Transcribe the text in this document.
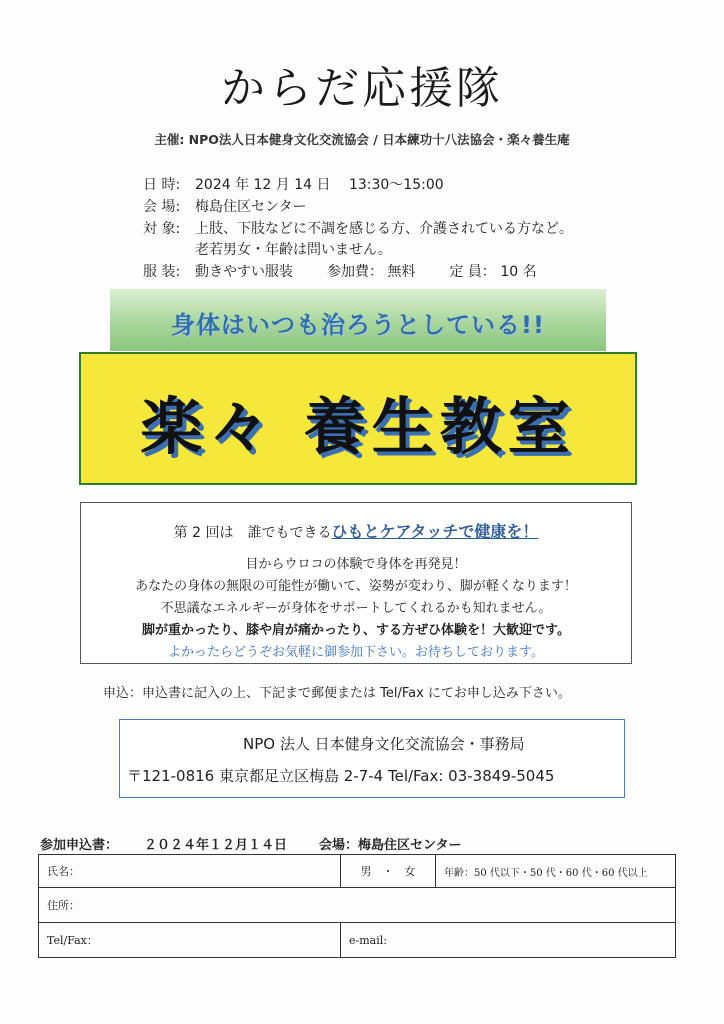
からだ応援隊
主催: NPO法人日本健身文化交流協会 / 日本練功十八法協会・楽々養生庵
日 時: 2024 年 12 月 14 日　 13:30～15:00
会 場: 梅島住区センター
対 象: 上肢、下肢などに不調を感じる方、介護されている方など。
老若男女・年齢は問いません。
服 装: 動きやすい服装 参加費： 無料 定 員： 10 名
身体はいつも治ろうとしている!!
楽々 養生教室
第 2 回は　誰でもできるひもとケアタッチで健康を！
目からウロコの体験で身体を再発見！
あなたの身体の無限の可能性が働いて、姿勢が変わり、脚が軽くなります！
不思議なエネルギーが身体をサポートしてくれるかも知れません。
脚が重かったり、膝や肩が痛かったり、する方ぜひ体験を！大歓迎です。
よかったらどうぞお気軽に御参加下さい。お待ちしております。
申込：申込書に記入の上、下記まで郵便または Tel/Fax にてお申し込み下さい。
NPO 法人 日本健身文化交流協会・事務局
〒121-0816 東京都足立区梅島 2-7-4 Tel/Fax: 03-3849-5045
参加申込書： ２０２４年１２月１４日 会場：梅島住区センター
氏名：	男　・　女	年齢：50 代以下・50 代・60 代・60 代以上
住所：		
Tel/Fax：	e-mail:	
